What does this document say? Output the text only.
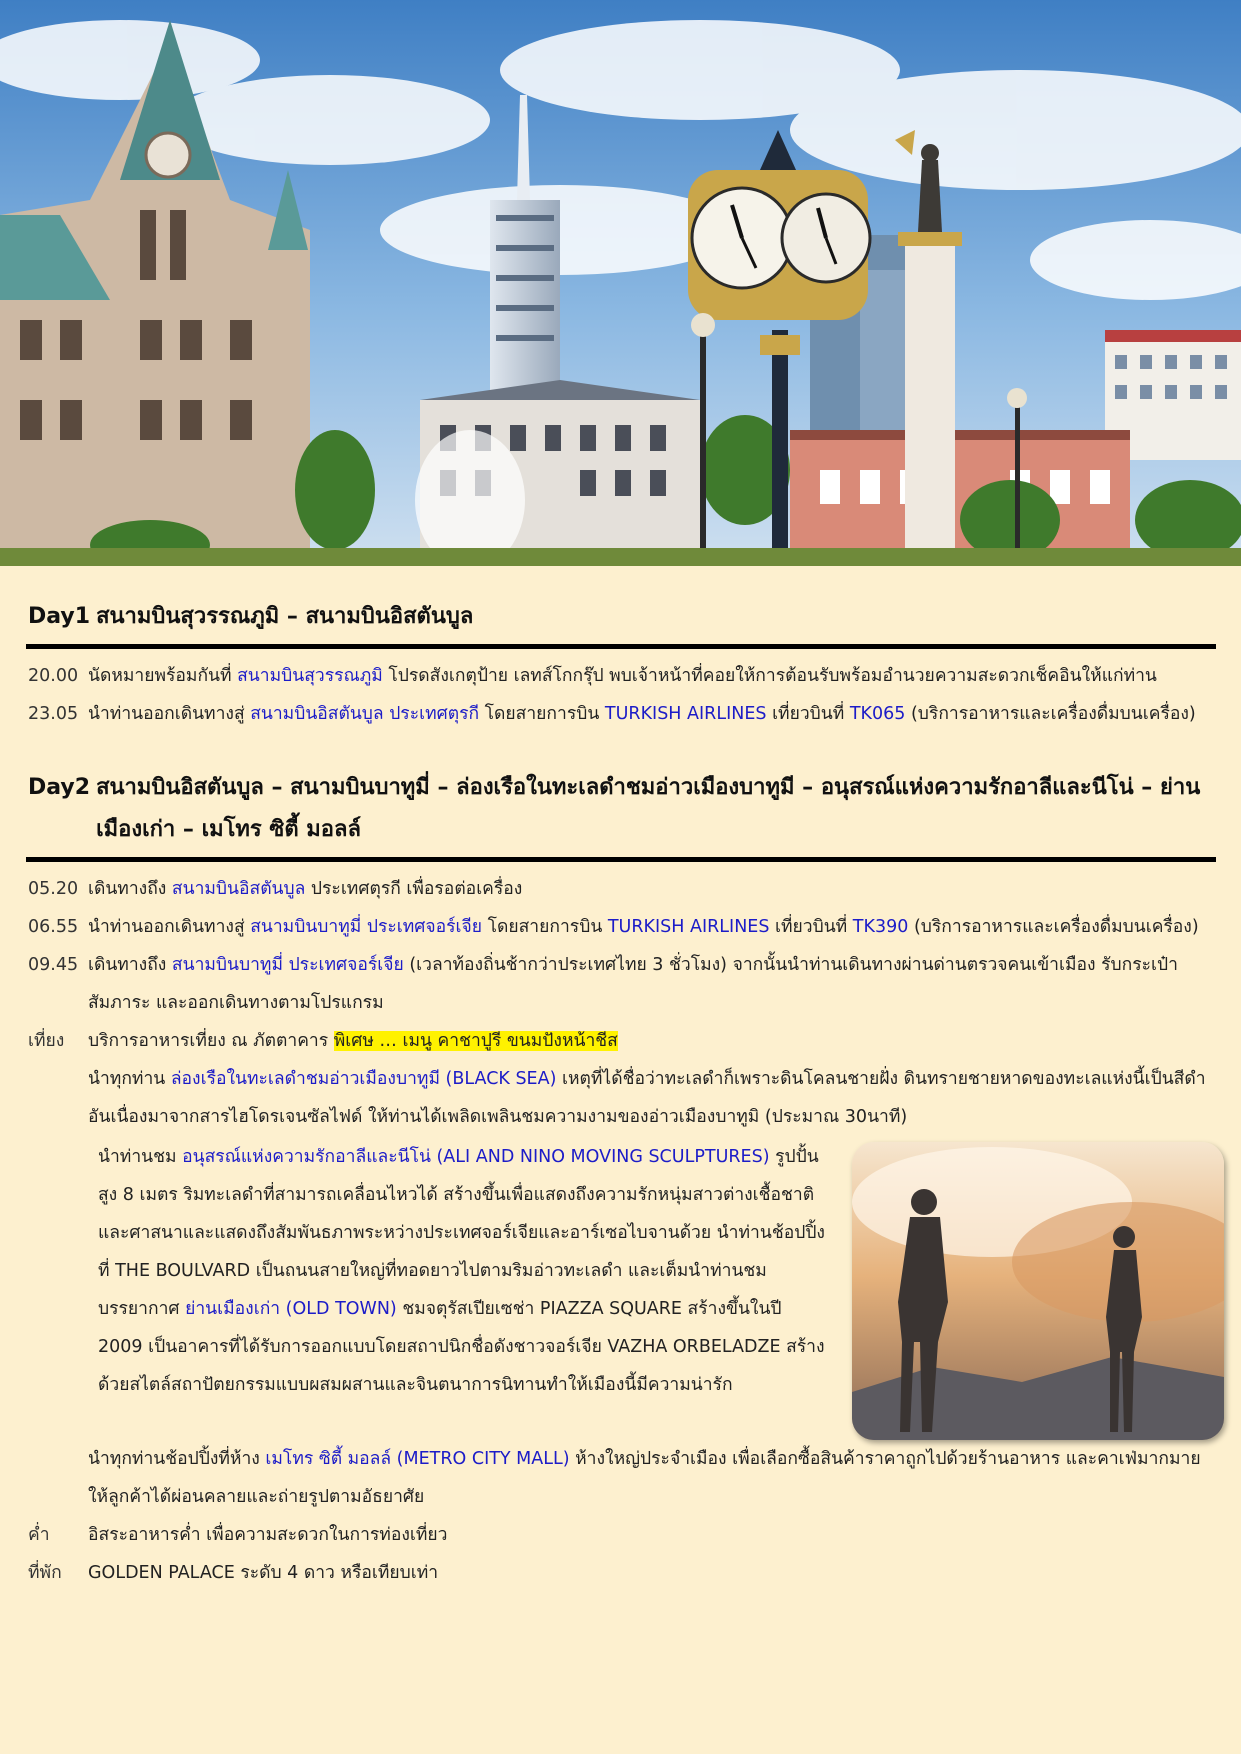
Day1 สนามบินสุวรรณภูมิ – สนามบินอิสตันบูล
20.00 นัดหมายพร้อมกันที่ สนามบินสุวรรณภูมิ โปรดสังเกตุป้าย เลทส์โกกรุ๊ป พบเจ้าหน้าที่คอยให้การต้อนรับพร้อมอำนวยความสะดวกเช็คอินให้แก่ท่าน
23.05 นำท่านออกเดินทางสู่ สนามบินอิสตันบูล ประเทศตุรกี โดยสายการบิน TURKISH AIRLINES เที่ยวบินที่ TK065 (บริการอาหารและเครื่องดื่มบนเครื่อง)
Day2 สนามบินอิสตันบูล – สนามบินบาทูมี่ – ล่องเรือในทะเลดำชมอ่าวเมืองบาทูมี – อนุสรณ์แห่งความรักอาลีและนีโน่ – ย่านเมืองเก่า – เมโทร ซิตี้ มอลล์
05.20 เดินทางถึง สนามบินอิสตันบูล ประเทศตุรกี เพื่อรอต่อเครื่อง
06.55 นำท่านออกเดินทางสู่ สนามบินบาทูมี่ ประเทศจอร์เจีย โดยสายการบิน TURKISH AIRLINES เที่ยวบินที่ TK390 (บริการอาหารและเครื่องดื่มบนเครื่อง)
09.45 เดินทางถึง สนามบินบาทูมี่ ประเทศจอร์เจีย (เวลาท้องถิ่นช้ากว่าประเทศไทย 3 ชั่วโมง) จากนั้นนำท่านเดินทางผ่านด่านตรวจคนเข้าเมือง รับกระเป๋าสัมภาระ และออกเดินทางตามโปรแกรม
เที่ยง	บริการอาหารเที่ยง ณ ภัตตาคาร พิเศษ … เมนู คาชาปูรี ขนมปังหน้าชีส
นำทุกท่าน ล่องเรือในทะเลดำชมอ่าวเมืองบาทูมี (BLACK SEA) เหตุที่ได้ชื่อว่าทะเลดำก็เพราะดินโคลนชายฝั่ง ดินทรายชายหาดของทะเลแห่งนี้เป็นสีดำ อันเนื่องมาจากสารไฮโดรเจนซัลไฟด์ ให้ท่านได้เพลิดเพลินชมความงามของอ่าวเมืองบาทูมิ (ประมาณ 30นาที)
นำท่านชม อนุสรณ์แห่งความรักอาลีและนีโน่ (ALI AND NINO MOVING SCULPTURES) รูปปั้นสูง 8 เมตร ริมทะเลดำที่สามารถเคลื่อนไหวได้ สร้างขึ้นเพื่อแสดงถึงความรักหนุ่มสาวต่างเชื้อชาติและศาสนาและแสดงถึงสัมพันธภาพระหว่างประเทศจอร์เจียและอาร์เซอไบจานด้วย นำท่านช้อปปิ้งที่ THE BOULVARD เป็นถนนสายใหญ่ที่ทอดยาวไปตามริมอ่าวทะเลดำ และเต็มนำท่านชมบรรยากาศ ย่านเมืองเก่า (OLD TOWN) ชมจตุรัสเปียเซช่า PIAZZA SQUARE สร้างขึ้นในปี 2009 เป็นอาคารที่ได้รับการออกแบบโดยสถาปนิกชื่อดังชาวจอร์เจีย VAZHA ORBELADZE สร้างด้วยสไตล์สถาปัตยกรรมแบบผสมผสานและจินตนาการนิทานทำให้เมืองนี้มีความน่ารัก
นำทุกท่านช้อปปิ้งที่ห้าง เมโทร ซิตี้ มอลล์ (METRO CITY MALL) ห้างใหญ่ประจำเมือง เพื่อเลือกซื้อสินค้าราคาถูกไปด้วยร้านอาหาร และคาเฟ่มากมาย ให้ลูกค้าได้ผ่อนคลายและถ่ายรูปตามอัธยาศัย
ค่ำ	อิสระอาหารค่ำ เพื่อความสะดวกในการท่องเที่ยว
ที่พัก	GOLDEN PALACE ระดับ 4 ดาว หรือเทียบเท่า
